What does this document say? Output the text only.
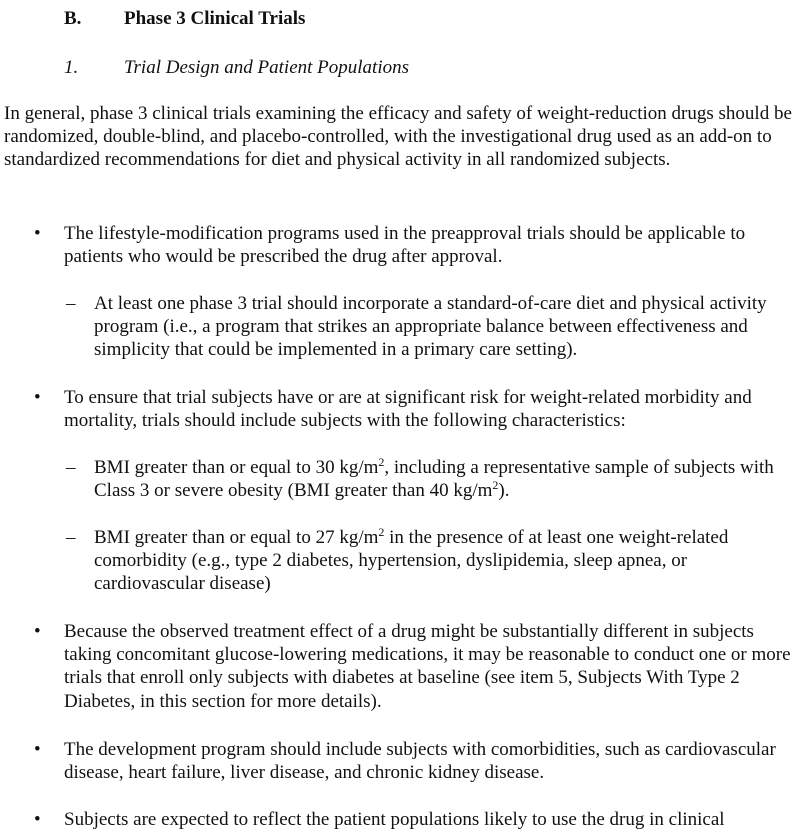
B. Phase 3 Clinical Trials
1. Trial Design and Patient Populations

In general, phase 3 clinical trials examining the efficacy and safety of weight-reduction drugs should be randomized, double-blind, and placebo-controlled, with the investigational drug used as an add-on to standardized recommendations for diet and physical activity in all randomized subjects.

• The lifestyle-modification programs used in the preapproval trials should be applicable to patients who would be prescribed the drug after approval.

– At least one phase 3 trial should incorporate a standard-of-care diet and physical activity program (i.e., a program that strikes an appropriate balance between effectiveness and simplicity that could be implemented in a primary care setting).

• To ensure that trial subjects have or are at significant risk for weight-related morbidity and mortality, trials should include subjects with the following characteristics:

– BMI greater than or equal to 30 $kg/m^2$, including a representative sample of subjects with Class 3 or severe obesity (BMI greater than 40 $kg/m^2$).

– BMI greater than or equal to 27 $kg/m^2$ in the presence of at least one weight-related comorbidity (e.g., type 2 diabetes, hypertension, dyslipidemia, sleep apnea, or cardiovascular disease)

• Because the observed treatment effect of a drug might be substantially different in subjects taking concomitant glucose-lowering medications, it may be reasonable to conduct one or more trials that enroll only subjects with diabetes at baseline (see item 5, Subjects With Type 2 Diabetes, in this section for more details).

• The development program should include subjects with comorbidities, such as cardiovascular disease, heart failure, liver disease, and chronic kidney disease.

• Subjects are expected to reflect the patient populations likely to use the drug in clinical
